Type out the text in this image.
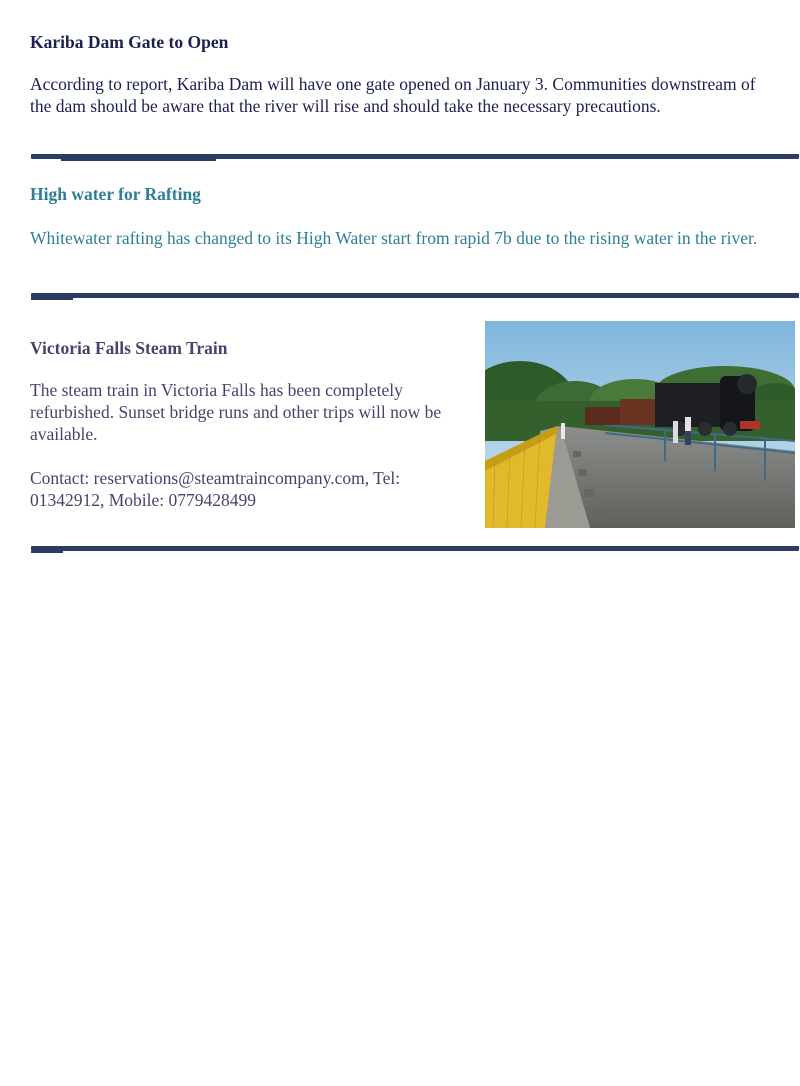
Kariba Dam Gate to Open
According to report, Kariba Dam will have one gate opened on January 3. Communities downstream of the dam should be aware that the river will rise and should take the necessary precautions.
High water for Rafting
Whitewater rafting has changed to its High Water start from rapid 7b due to the rising water in the river.
Victoria Falls Steam Train
The steam train in Victoria Falls has been completely refurbished. Sunset bridge runs and other trips will now be available.
Contact: reservations@steamtraincompany.com, Tel: 01342912, Mobile: 0779428499
